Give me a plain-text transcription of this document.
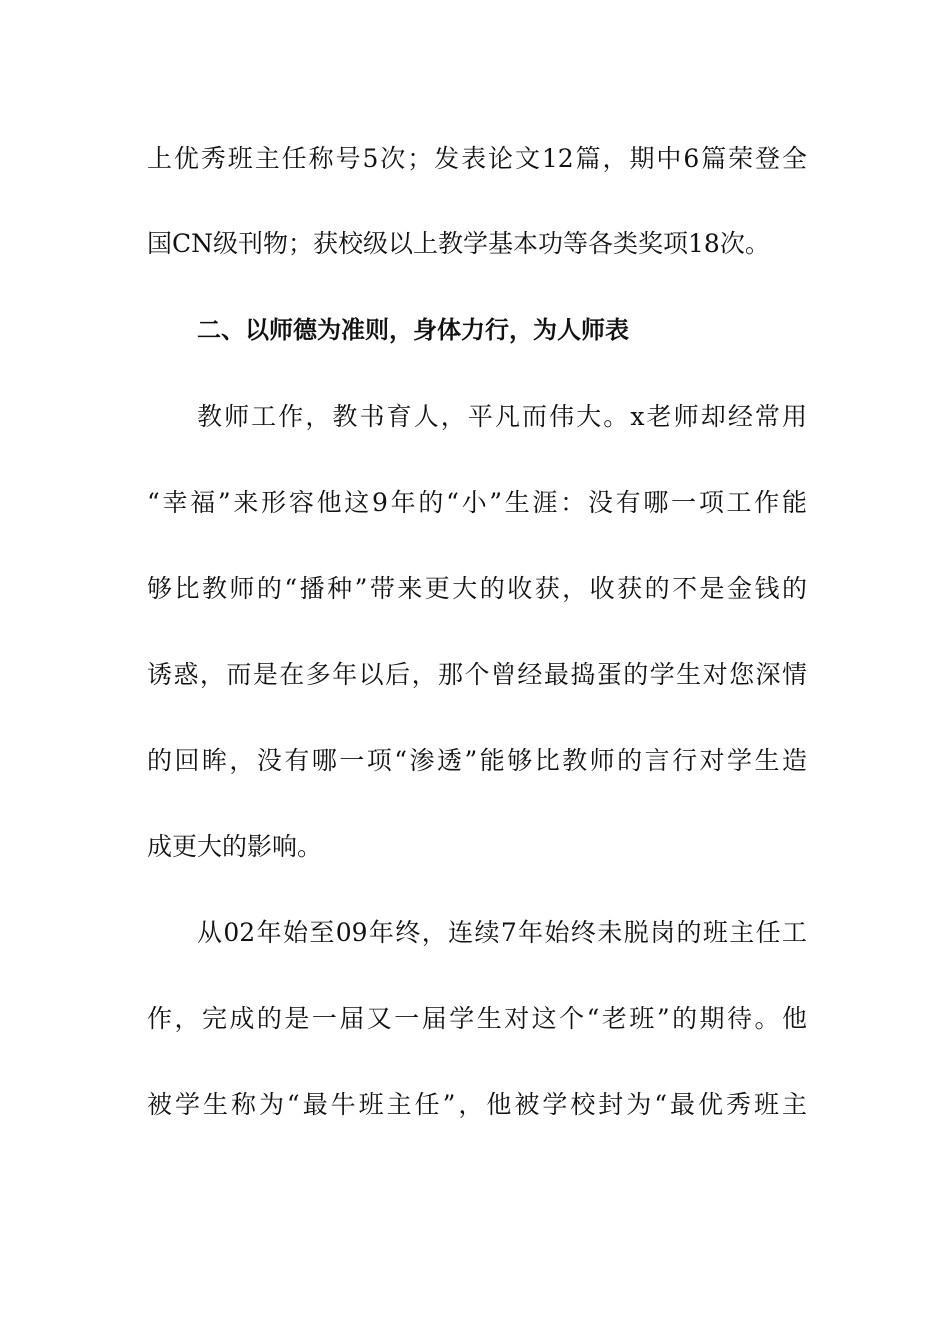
上优秀班主任称号5次；发表论文12篇，期中6篇荣登全
国CN级刊物；获校级以上教学基本功等各类奖项18次。
二、以师德为准则，身体力行，为人师表
教师工作，教书育人，平凡而伟大。x老师却经常用
“幸福”来形容他这9年的“小”生涯：没有哪一项工作能
够比教师的“播种”带来更大的收获，收获的不是金钱的
诱惑，而是在多年以后，那个曾经最捣蛋的学生对您深情
的回眸，没有哪一项“渗透”能够比教师的言行对学生造
成更大的影响。
从02年始至09年终，连续7年始终未脱岗的班主任工
作，完成的是一届又一届学生对这个“老班”的期待。他
被学生称为“最牛班主任”，他被学校封为“最优秀班主
